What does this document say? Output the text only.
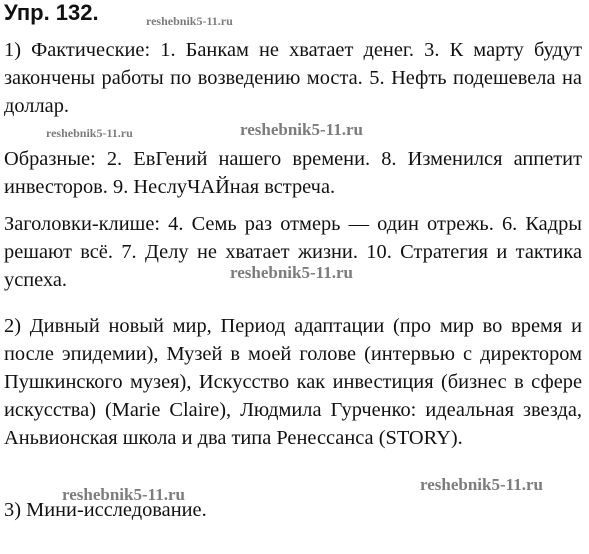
Упр. 132.

1) Фактические: 1. Банкам не хватает денег. 3. К марту будут закончены работы по возведению моста. 5. Нефть подешевела на доллар.

Образные: 2. ЕвГений нашего времени. 8. Изменился аппетит инвесторов. 9. НеслуЧАЙная встреча.

Заголовки-клише: 4. Семь раз отмерь — один отрежь. 6. Кадры решают всё. 7. Делу не хватает жизни. 10. Стратегия и тактика успеха.

2) Дивный новый мир, Период адаптации (про мир во время и после эпидемии), Музей в моей голове (интервью с директором Пушкинского музея), Искусство как инвестиция (бизнес в сфере искусства) (Marie Claire), Людмила Гурченко: идеальная звезда, Аньвионская школа и два типа Ренессанса (STORY).

3) Мини-исследование.

reshebnik5-11.ru
reshebnik5-11.ru	reshebnik5-11.ru
reshebnik5-11.ru
reshebnik5-11.ru
reshebnik5-11.ru
